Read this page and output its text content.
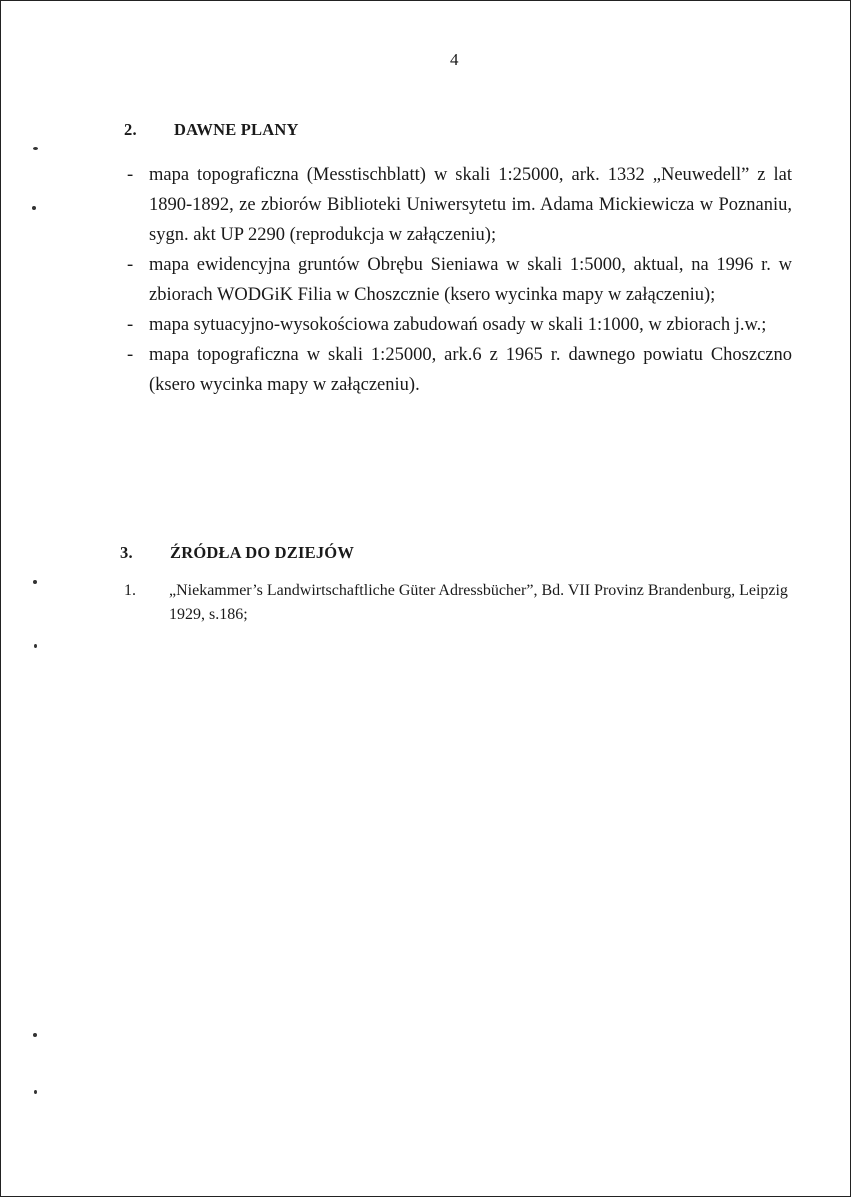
4
2. DAWNE PLANY
- mapa topograficzna (Messtischblatt) w skali 1:25000, ark. 1332 „Neuwedell” z lat 1890-1892, ze zbiorów Biblioteki Uniwersytetu im. Adama Mickiewicza w Poznaniu, sygn. akt UP 2290 (reprodukcja w załączeniu);
- mapa ewidencyjna gruntów Obrębu Sieniawa w skali 1:5000, aktual, na 1996 r. w zbiorach WODGiK Filia w Choszcznie (ksero wycinka mapy w załączeniu);
- mapa sytuacyjno-wysokościowa zabudowań osady w skali 1:1000, w zbiorach j.w.;
- mapa topograficzna w skali 1:25000, ark.6 z 1965 r. dawnego powiatu Choszczno (ksero wycinka mapy w załączeniu).
3. ŹRÓDŁA DO DZIEJÓW
1. „Niekammer’s Landwirtschaftliche Güter Adressbücher”, Bd. VII Provinz Brandenburg, Leipzig 1929, s.186;
